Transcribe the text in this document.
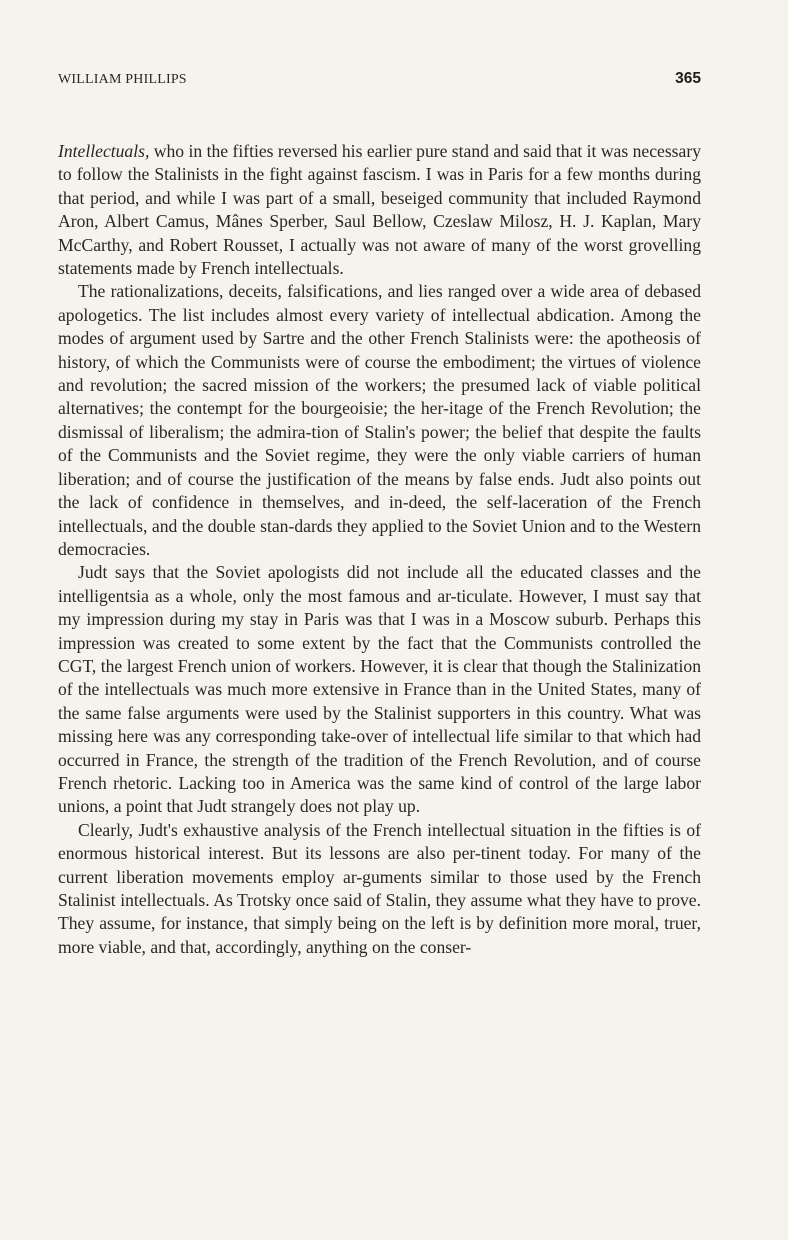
WILLIAM PHILLIPS	365

Intellectuals, who in the fifties reversed his earlier pure stand and said that it was necessary to follow the Stalinists in the fight against fascism. I was in Paris for a few months during that period, and while I was part of a small, beseiged community that included Raymond Aron, Albert Camus, Mânes Sperber, Saul Bellow, Czeslaw Milosz, H. J. Kaplan, Mary McCarthy, and Robert Rousset, I actually was not aware of many of the worst grovelling statements made by French intellectuals.

The rationalizations, deceits, falsifications, and lies ranged over a wide area of debased apologetics. The list includes almost every variety of intellectual abdication. Among the modes of argument used by Sartre and the other French Stalinists were: the apotheosis of history, of which the Communists were of course the embodiment; the virtues of violence and revolution; the sacred mission of the workers; the presumed lack of viable political alternatives; the contempt for the bourgeoisie; the her-itage of the French Revolution; the dismissal of liberalism; the admira-tion of Stalin's power; the belief that despite the faults of the Communists and the Soviet regime, they were the only viable carriers of human liberation; and of course the justification of the means by false ends. Judt also points out the lack of confidence in themselves, and in-deed, the self-laceration of the French intellectuals, and the double stan-dards they applied to the Soviet Union and to the Western democracies.

Judt says that the Soviet apologists did not include all the educated classes and the intelligentsia as a whole, only the most famous and ar-ticulate. However, I must say that my impression during my stay in Paris was that I was in a Moscow suburb. Perhaps this impression was created to some extent by the fact that the Communists controlled the CGT, the largest French union of workers. However, it is clear that though the Stalinization of the intellectuals was much more extensive in France than in the United States, many of the same false arguments were used by the Stalinist supporters in this country. What was missing here was any corresponding take-over of intellectual life similar to that which had occurred in France, the strength of the tradition of the French Revolution, and of course French rhetoric. Lacking too in America was the same kind of control of the large labor unions, a point that Judt strangely does not play up.

Clearly, Judt's exhaustive analysis of the French intellectual situation in the fifties is of enormous historical interest. But its lessons are also per-tinent today. For many of the current liberation movements employ ar-guments similar to those used by the French Stalinist intellectuals. As Trotsky once said of Stalin, they assume what they have to prove. They assume, for instance, that simply being on the left is by definition more moral, truer, more viable, and that, accordingly, anything on the conser-
